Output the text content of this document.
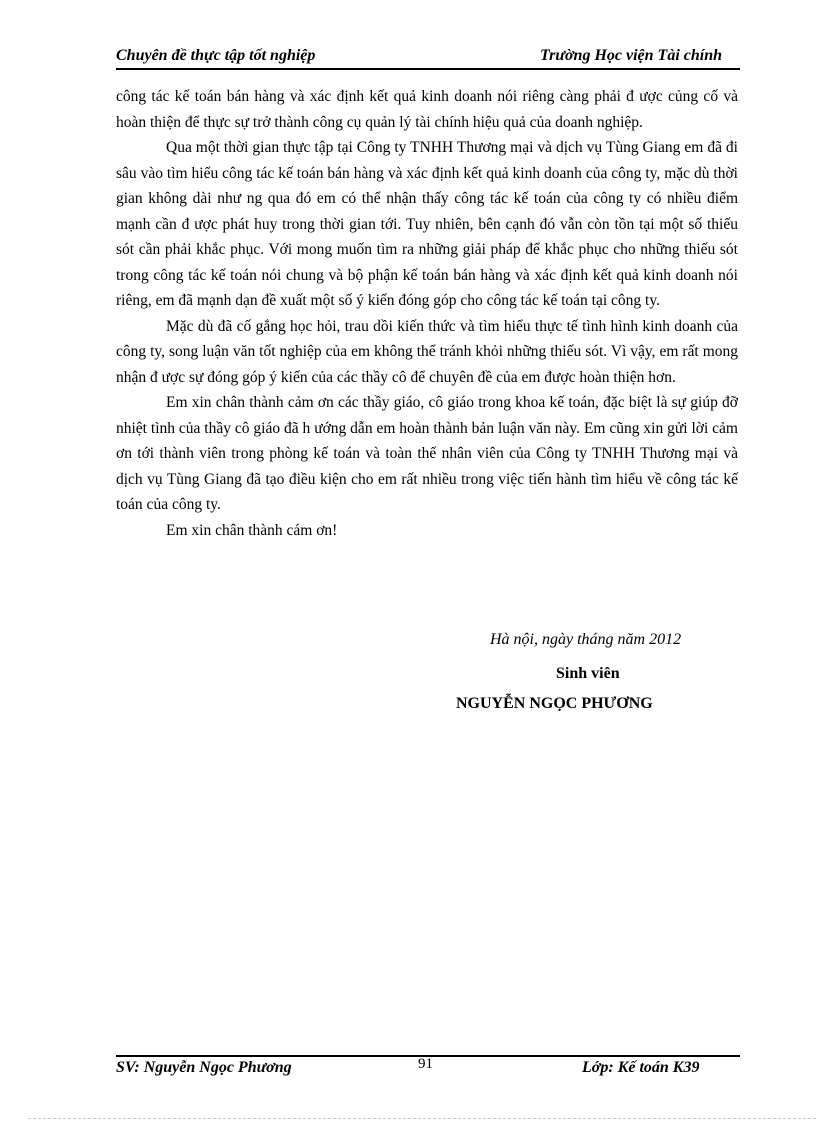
Chuyên đề thực tập tốt nghiệp	Trường Học viện Tài chính

công tác kế toán bán hàng và xác định kết quả kinh doanh nói riêng càng phải đ ược củng cố và hoàn thiện để thực sự trở thành công cụ quản lý tài chính hiệu quả của doanh nghiệp.

Qua một thời gian thực tập tại Công ty TNHH Thương mại và dịch vụ Tùng Giang em đã đi sâu vào tìm hiểu công tác kế toán bán hàng và xác định kết quả kinh doanh của công ty, mặc dù thời gian không dài như ng qua đó em có thể nhận thấy công tác kế toán của công ty có nhiều điểm mạnh cần đ ược phát huy trong thời gian tới. Tuy nhiên, bên cạnh đó vẫn còn tồn tại một số thiếu sót cần phải khắc phục. Với mong muốn tìm ra những giải pháp để khắc phục cho những thiếu sót trong công tác kế toán nói chung và bộ phận kế toán bán hàng và xác định kết quả kinh doanh nói riêng, em đã mạnh dạn đề xuất một số ý kiến đóng góp cho công tác kế toán tại công ty.

Mặc dù đã cố gắng học hỏi, trau dồi kiến thức và tìm hiểu thực tế tình hình kinh doanh của công ty, song luận văn tốt nghiệp của em không thể tránh khỏi những thiếu sót. Vì vậy, em rất mong nhận đ ược sự đóng góp ý kiến của các thầy cô để chuyên đề của em được hoàn thiện hơn.

Em xin chân thành cảm ơn các thầy giáo, cô giáo trong khoa kế toán, đặc biệt là sự giúp đỡ nhiệt tình của thầy cô giáo đã h ướng dẫn em hoàn thành bản luận văn này. Em cũng xin gửi lời cảm ơn tới thành viên trong phòng kế toán và toàn thể nhân viên của Công ty TNHH Thương mại và dịch vụ Tùng Giang đã tạo điều kiện cho em rất nhiều trong việc tiến hành tìm hiểu về công tác kế toán của công ty.

Em xin chân thành cám ơn!

Hà nội, ngày tháng năm 2012
Sinh viên
NGUYỄN NGỌC PHƯƠNG
SV: Nguyễn Ngọc Phương	91	Lớp: Kế toán K39
